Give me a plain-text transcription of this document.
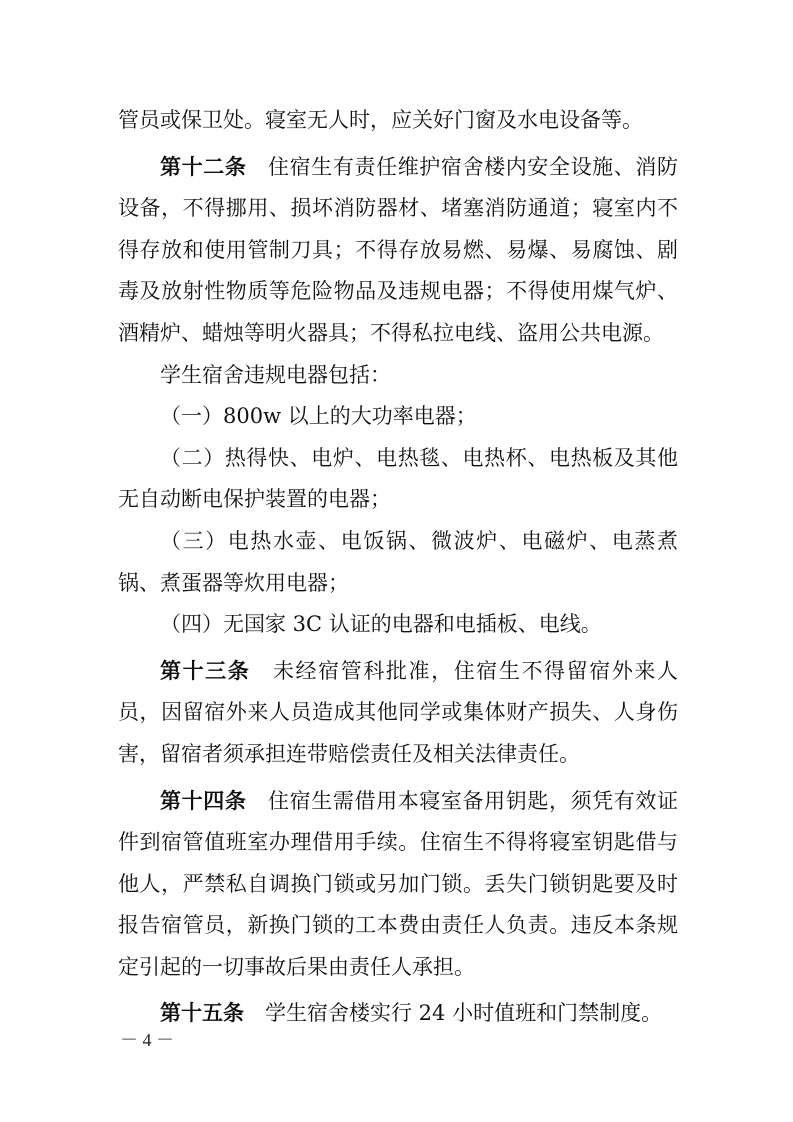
管员或保卫处。寝室无人时，应关好门窗及水电设备等。

第十二条 住宿生有责任维护宿舍楼内安全设施、消防设备，不得挪用、损坏消防器材、堵塞消防通道；寝室内不得存放和使用管制刀具；不得存放易燃、易爆、易腐蚀、剧毒及放射性物质等危险物品及违规电器；不得使用煤气炉、酒精炉、蜡烛等明火器具；不得私拉电线、盗用公共电源。

学生宿舍违规电器包括：

（一）800w 以上的大功率电器；

（二）热得快、电炉、电热毯、电热杯、电热板及其他无自动断电保护装置的电器；

（三）电热水壶、电饭锅、微波炉、电磁炉、电蒸煮锅、煮蛋器等炊用电器；

（四）无国家 3C 认证的电器和电插板、电线。

第十三条 未经宿管科批准，住宿生不得留宿外来人员，因留宿外来人员造成其他同学或集体财产损失、人身伤害，留宿者须承担连带赔偿责任及相关法律责任。

第十四条 住宿生需借用本寝室备用钥匙，须凭有效证件到宿管值班室办理借用手续。住宿生不得将寝室钥匙借与他人，严禁私自调换门锁或另加门锁。丢失门锁钥匙要及时报告宿管员，新换门锁的工本费由责任人负责。违反本条规定引起的一切事故后果由责任人承担。

第十五条 学生宿舍楼实行 24 小时值班和门禁制度。

－ 4 －
